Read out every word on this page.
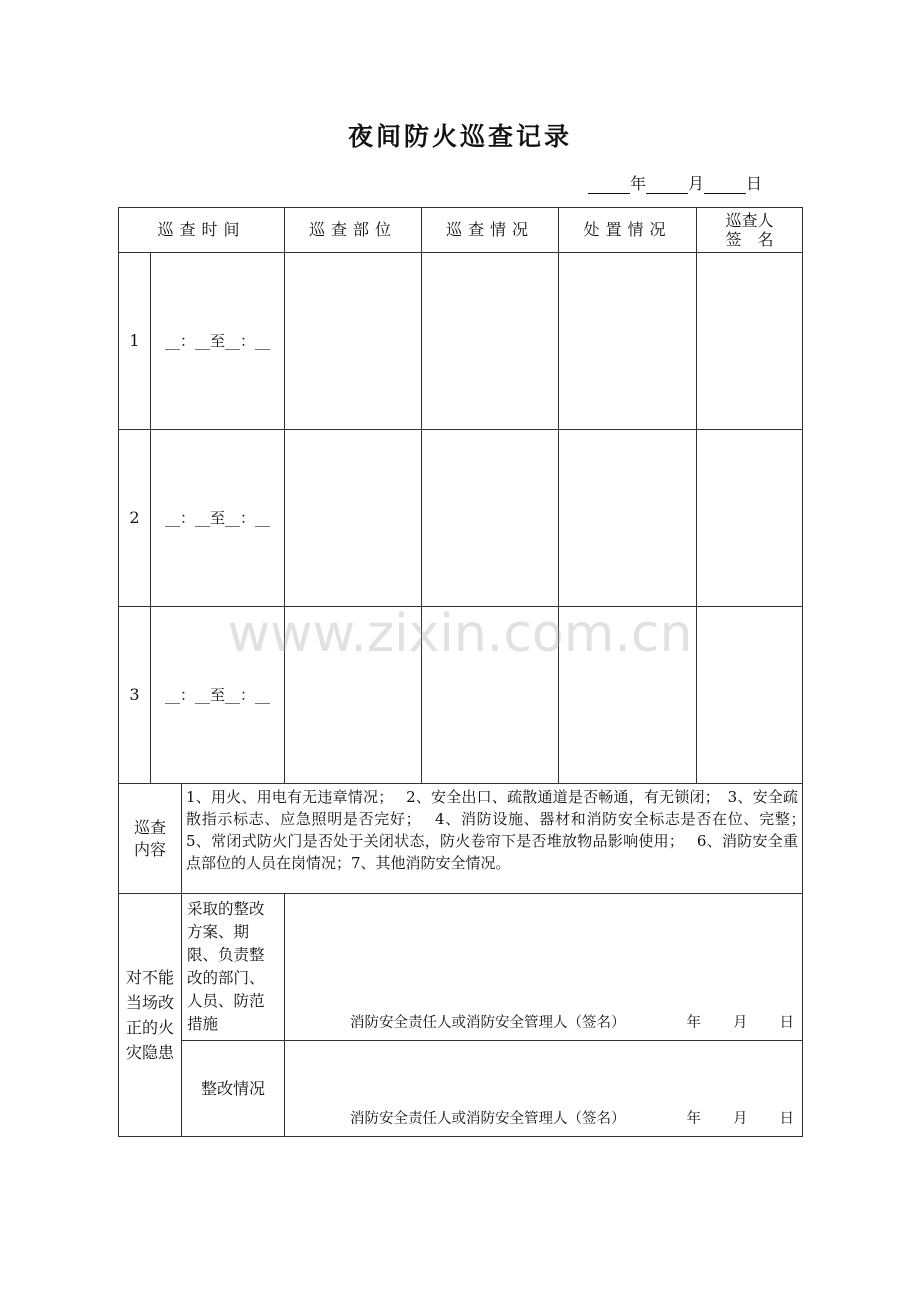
夜间防火巡查记录
年	月	日
巡查时间			巡查部位	巡查情况	处置情况	巡查人
签　名

1	__：__至__：__					
2	__：__至__：__					
3	__：__至__：__					

巡查
内容		1、用火、用电有无违章情况；　 2、安全出口、疏散通道是否畅通，有无锁闭；　3、安全疏散指示标志、应急照明是否完好；　 4、消防设施、器材和消防安全标志是否在位、完整；　 5、常闭式防火门是否处于关闭状态，防火卷帘下是否堆放物品影响使用；　 6、消防安全重点部位的人员在岗情况；7、其他消防安全情况。				
对不能当场改正的火灾隐患		采取的整改方案、期限、负责整改的部门、人员、防范措施	消防安全责任人或消防安全管理人（签名） 年 月 日			

		整改情况	消防安全责任人或消防安全管理人（签名） 年 月 日			
www.zixin.com.cn
